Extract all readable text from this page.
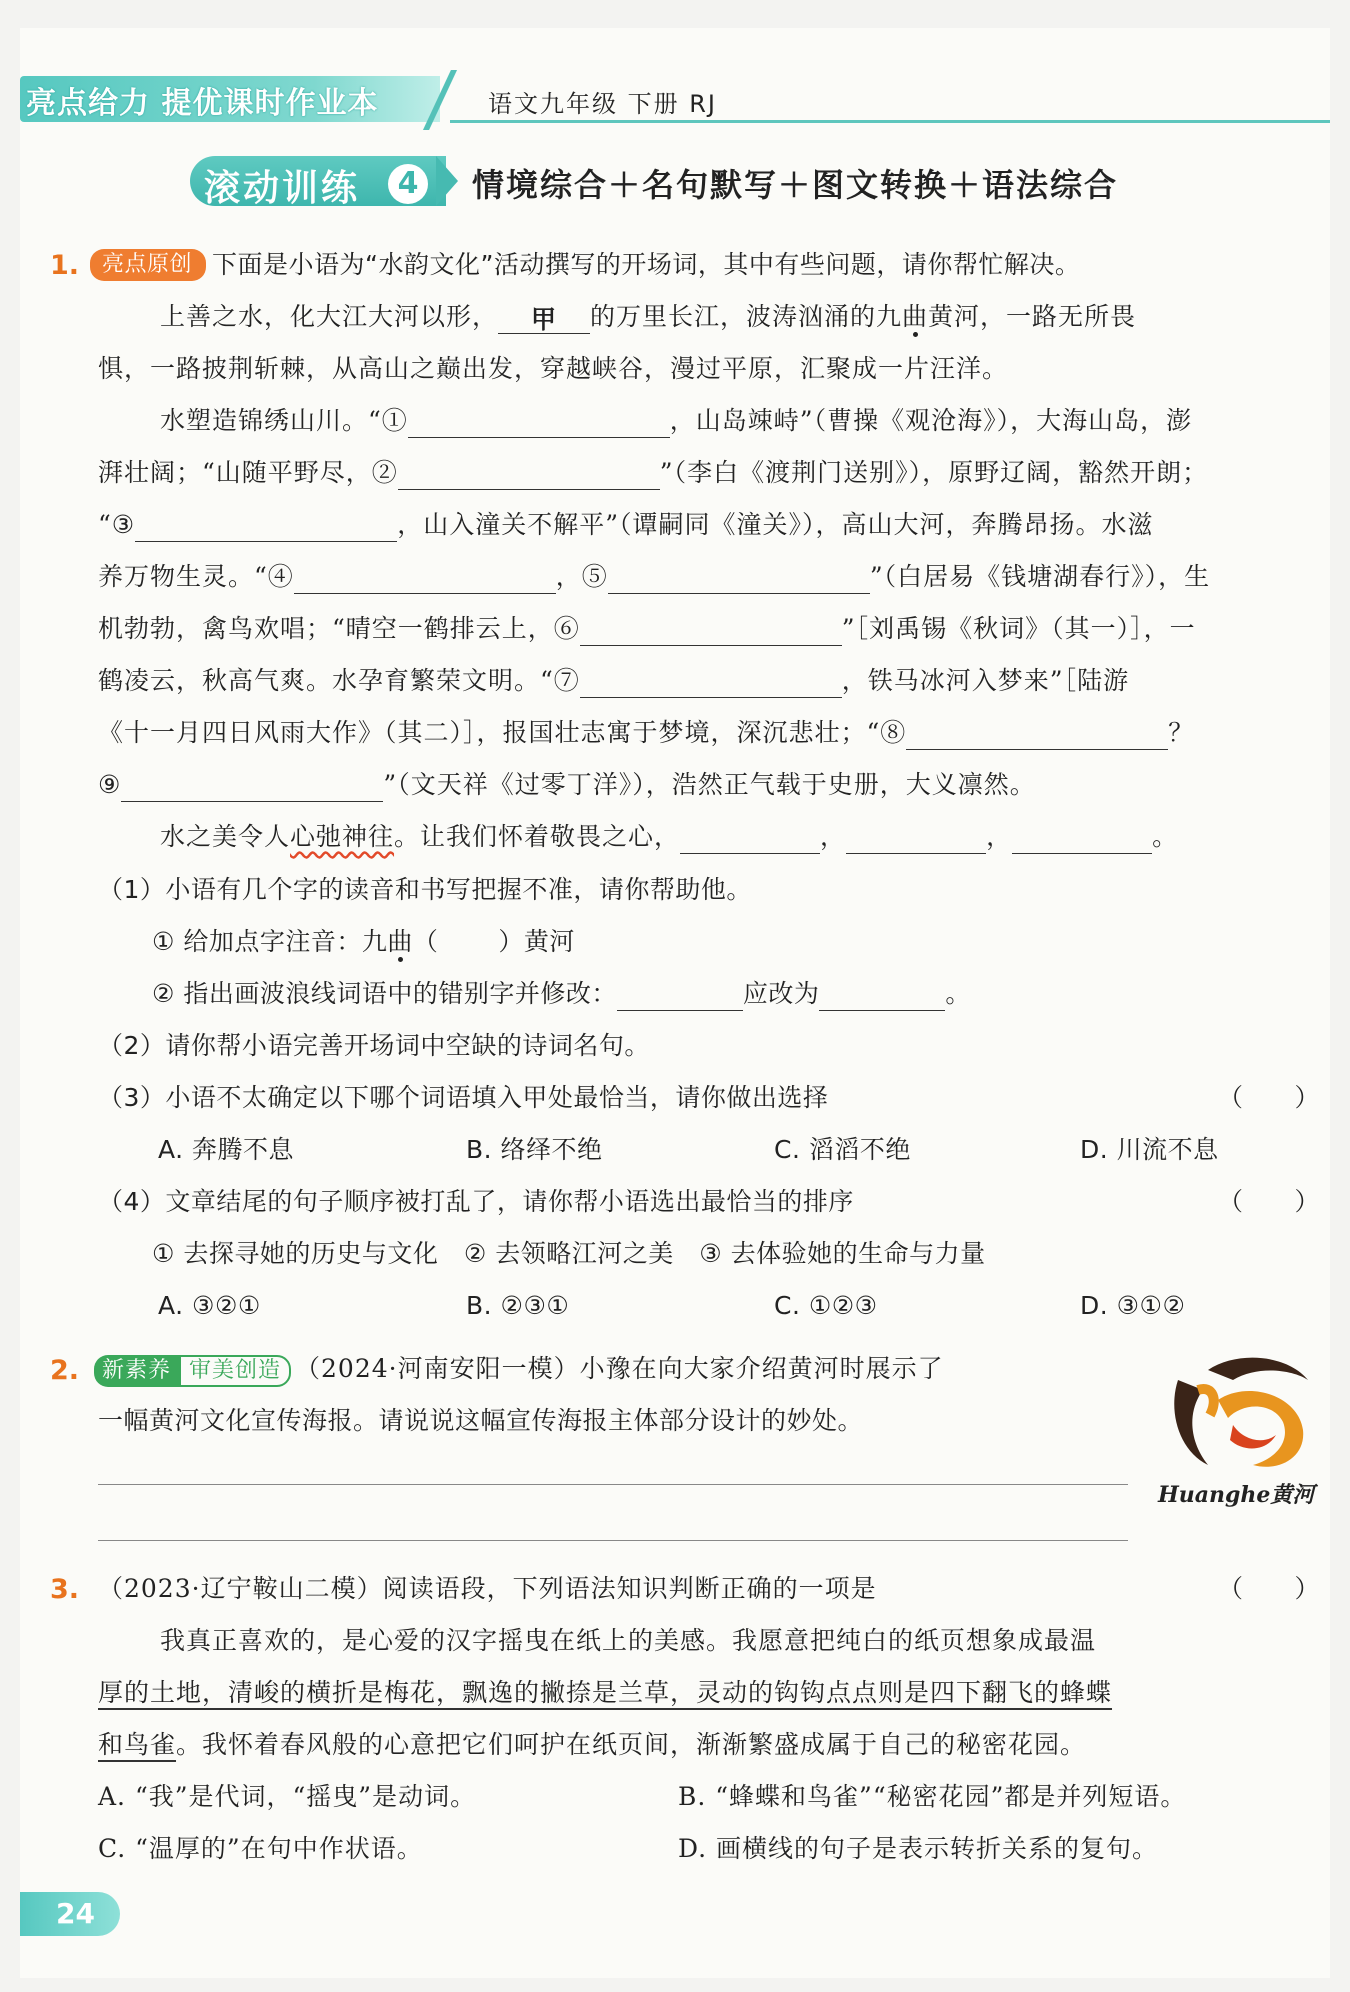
亮点给力 提优课时作业本	语文九年级 下册 RJ
滚动训练	4 情境综合＋名句默写＋图文转换＋语法综合
1.	亮点原创 下面是小语为“水韵文化”活动撰写的开场词，其中有些问题，请你帮忙解决。
上善之水，化大江大河以形， 甲 的万里长江，波涛汹涌的九曲黄河，一路无所畏
惧，一路披荆斩棘，从高山之巅出发，穿越峡谷，漫过平原，汇聚成一片汪洋。
水塑造锦绣山川。“①	，山岛竦峙”（曹操《观沧海》），大海山岛，澎
湃壮阔；“山随平野尽，②	”（李白《渡荆门送别》），原野辽阔，豁然开朗；
“③	，山入潼关不解平”（谭嗣同《潼关》），高山大河，奔腾昂扬。水滋
养万物生灵。“④	，⑤	”（白居易《钱塘湖春行》），生
机勃勃，禽鸟欢唱；“晴空一鹤排云上，⑥	”［刘禹锡《秋词》（其一）］，一
鹤凌云，秋高气爽。水孕育繁荣文明。“⑦	，铁马冰河入梦来”［陆游
《十一月四日风雨大作》（其二）］，报国壮志寓于梦境，深沉悲壮；“⑧	？
⑨	”（文天祥《过零丁洋》），浩然正气载于史册，大义凛然。
水之美令人心弛神往。让我们怀着敬畏之心，	，	，	。
（1）小语有几个字的读音和书写把握不准，请你帮助他。
① 给加点字注音：九曲（ ）黄河
② 指出画波浪线词语中的错别字并修改：	应改为	。
（2）请你帮小语完善开场词中空缺的诗词名句。
（3）小语不太确定以下哪个词语填入甲处最恰当，请你做出选择	（　　）
A. 奔腾不息	B. 络绎不绝	C. 滔滔不绝	D. 川流不息
（4）文章结尾的句子顺序被打乱了，请你帮小语选出最恰当的排序	（　　）
① 去探寻她的历史与文化　② 去领略江河之美　③ 去体验她的生命与力量
A. ③②①	B. ②③①	C. ①②③	D. ③①②
2.	新素养 审美创造 （2024·河南安阳一模）小豫在向大家介绍黄河时展示了
一幅黄河文化宣传海报。请说说这幅宣传海报主体部分设计的妙处。
Huanghe黄河
3. （2023·辽宁鞍山二模）阅读语段，下列语法知识判断正确的一项是	（　　）
我真正喜欢的，是心爱的汉字摇曳在纸上的美感。我愿意把纯白的纸页想象成最温
厚的土地，清峻的横折是梅花，飘逸的撇捺是兰草，灵动的钩钩点点则是四下翻飞的蜂蝶
和鸟雀。我怀着春风般的心意把它们呵护在纸页间，渐渐繁盛成属于自己的秘密花园。
A. “我”是代词，“摇曳”是动词。	B. “蜂蝶和鸟雀”“秘密花园”都是并列短语。
C. “温厚的”在句中作状语。	D. 画横线的句子是表示转折关系的复句。
24
